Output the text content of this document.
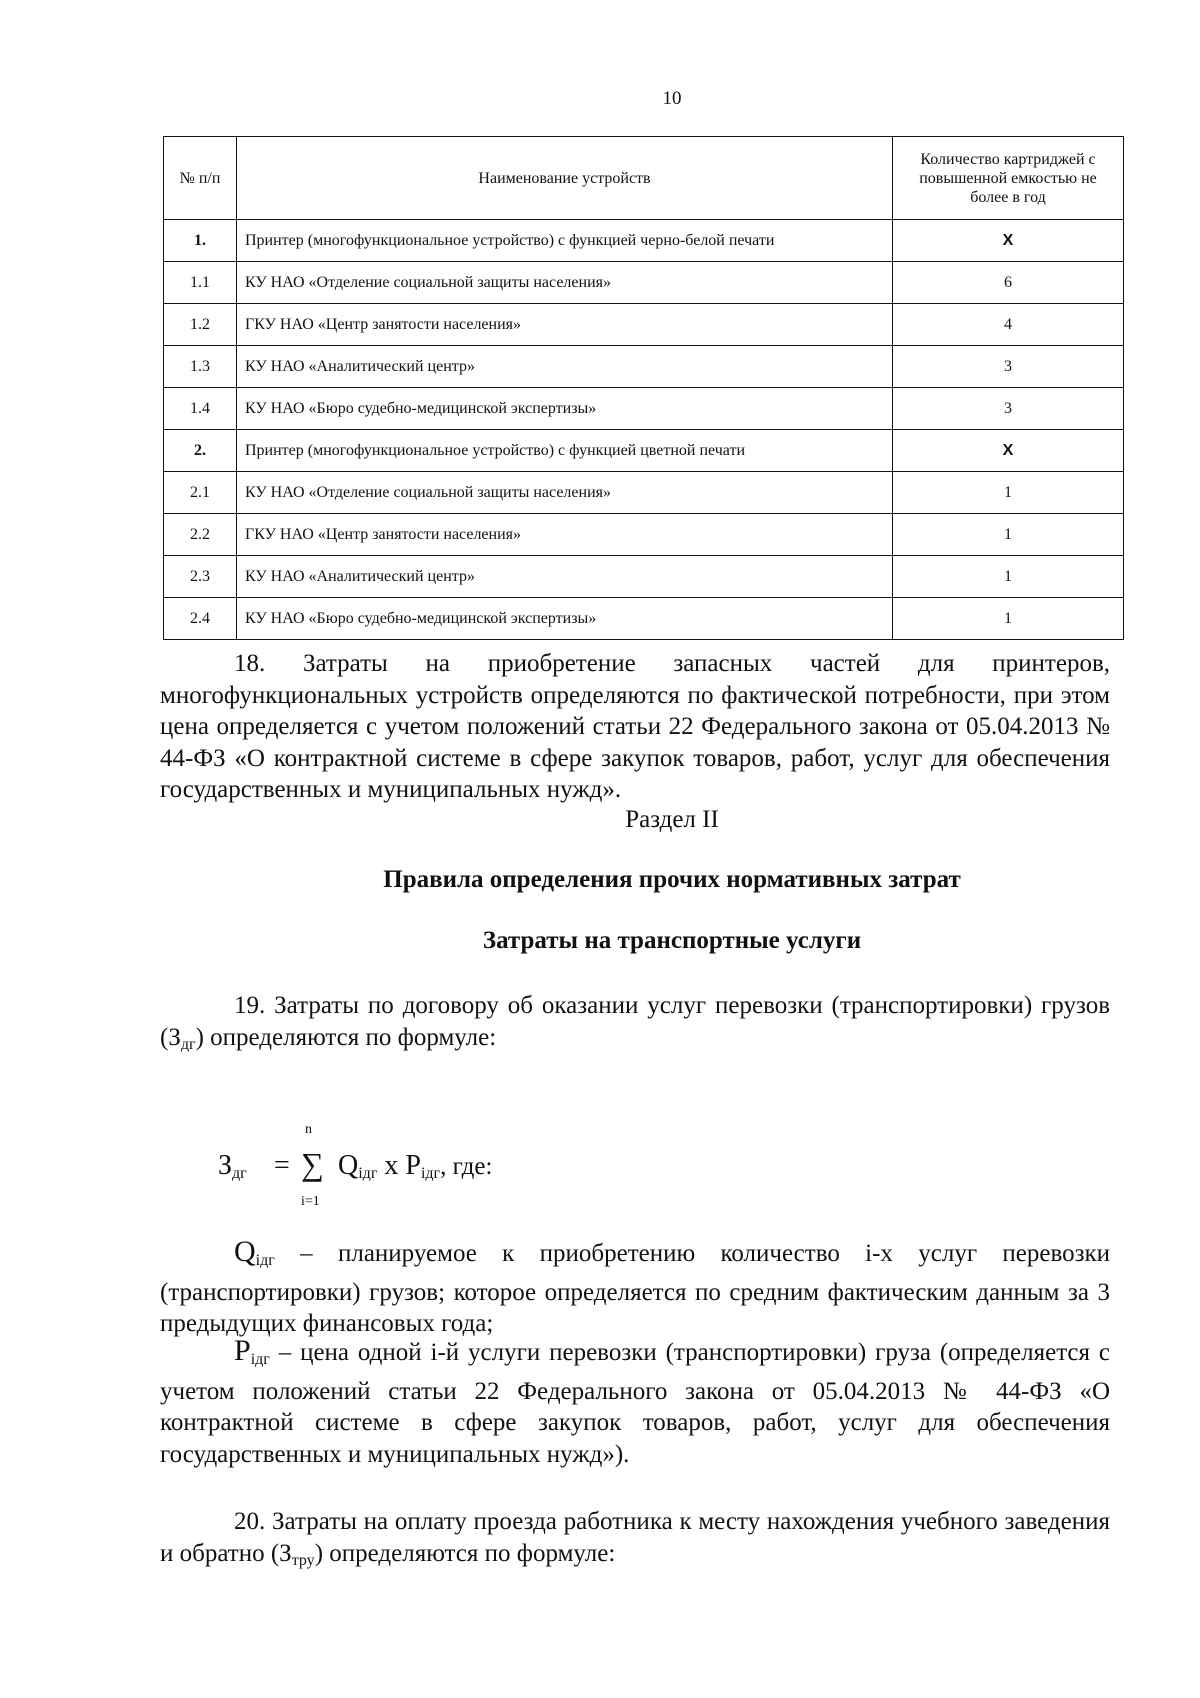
10
№ п/п	Наименование устройств	Количество картриджей с повышенной емкостью не более в год
1.	Принтер (многофункциональное устройство) с функцией черно-белой печати	X
1.1	КУ НАО «Отделение социальной защиты населения»	6
1.2	ГКУ НАО «Центр занятости населения»	4
1.3	КУ НАО «Аналитический центр»	3
1.4	КУ НАО «Бюро судебно-медицинской экспертизы»	3
2.	Принтер (многофункциональное устройство) с функцией цветной печати	X
2.1	КУ НАО «Отделение социальной защиты населения»	1
2.2	ГКУ НАО «Центр занятости населения»	1
2.3	КУ НАО «Аналитический центр»	1
2.4	КУ НАО «Бюро судебно-медицинской экспертизы»	1
18. Затраты на приобретение запасных частей для принтеров, многофункциональных устройств определяются по фактической потребности, при этом цена определяется с учетом положений статьи 22 Федерального закона от 05.04.2013 № 44-ФЗ «О контрактной системе в сфере закупок товаров, работ, услуг для обеспечения государственных и муниципальных нужд».
Раздел II
Правила определения прочих нормативных затрат
Затраты на транспортные услуги
19. Затраты по договору об оказании услуг перевозки (транспортировки) грузов $(З_{дг})$ определяются по формуле:
$З_{дг}$ =
n
∑
i=1
$Q_{iдг}$ x $P_{iдг}$, где:
$Q_{iдг}$ – планируемое к приобретению количество i-х услуг перевозки (транспортировки) грузов; которое определяется по средним фактическим данным за 3 предыдущих финансовых года;
$P_{iдг}$ – цена одной i-й услуги перевозки (транспортировки) груза (определяется с учетом положений статьи 22 Федерального закона от 05.04.2013 № 44-ФЗ «О контрактной системе в сфере закупок товаров, работ, услуг для обеспечения государственных и муниципальных нужд»).
20. Затраты на оплату проезда работника к месту нахождения учебного заведения и обратно $(З_{тру})$ определяются по формуле:
